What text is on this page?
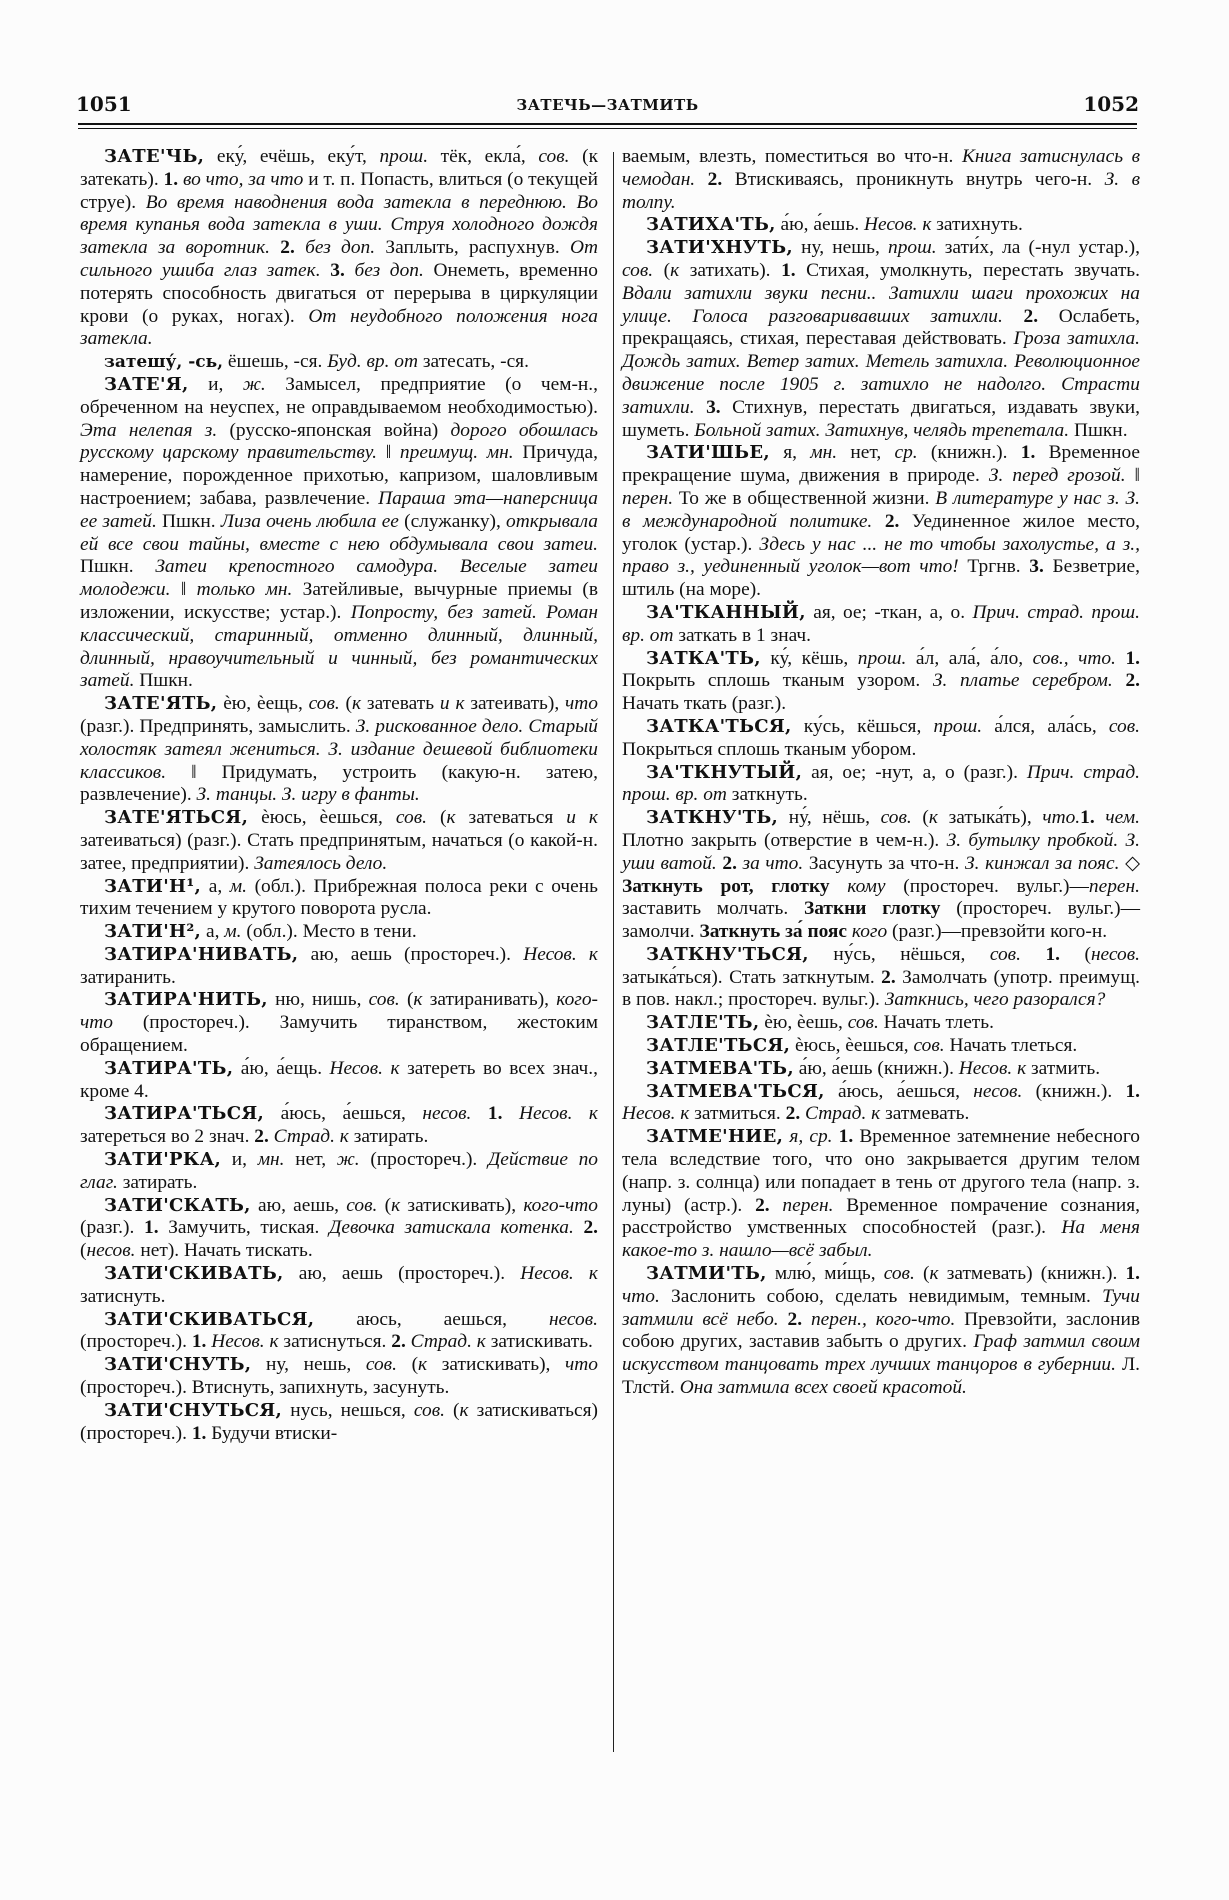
1051	ЗАТЕЧЬ—ЗАТМИТЬ	1052

ЗАТЕ'ЧЬ, еку́, ечёшь, еку́т, прош. тёк, екла́, сов. (к затекать). 1. во что, за что и т. п. Попасть, влиться (о текущей струе). Во время наводнения вода затекла в переднюю. Во время купанья вода затекла в уши. Струя холодного дождя затекла за воротник. 2. без доп. Заплыть, распухнув. От сильного ушиба глаз затек. 3. без доп. Онеметь, временно потерять способность двигаться от перерыва в циркуляции крови (о руках, ногах). От неудобного положения нога затекла.

затешу́, -сь, ёшешь, -ся. Буд. вр. от затесать, -ся.

ЗАТЕ'Я, и, ж. Замысел, предприятие (о чем-н., обреченном на неуспех, не оправдываемом необходимостью). Эта нелепая з. (русско-японская война) дорого обошлась русскому царскому правительству. ‖ преимущ. мн. Причуда, намерение, порожденное прихотью, капризом, шаловливым настроением; забава, развлечение. Параша эта—наперсница ее затей. Пшкн. Лиза очень любила ее (служанку), открывала ей все свои тайны, вместе с нею обдумывала свои затеи. Пшкн. Затеи крепостного самодура. Веселые затеи молодежи. ‖ только мн. Затейливые, вычурные приемы (в изложении, искусстве; устар.). Попросту, без затей. Роман классический, старинный, отменно длинный, длинный, длинный, нравоучительный и чинный, без романтических затей. Пшкн.

ЗАТЕ'ЯТЬ, ѐю, ѐещь, сов. (к затевать и к затеивать), что (разг.). Предпринять, замыслить. З. рискованное дело. Старый холостяк затеял жениться. З. издание дешевой библиотеки классиков. ‖ Придумать, устроить (какую-н. затею, развлечение). З. танцы. З. игру в фанты.

ЗАТЕ'ЯТЬСЯ, ѐюсь, ѐешься, сов. (к затеваться и к затеиваться) (разг.). Стать предпринятым, начаться (о какой-н. затее, предприятии). Затеялось дело.

ЗАТИ'Н¹, а, м. (обл.). Прибрежная полоса реки с очень тихим течением у крутого поворота русла.

ЗАТИ'Н², а, м. (обл.). Место в тени.

ЗАТИРА'НИВАТЬ, аю, аешь (простореч.). Несов. к затиранить.

ЗАТИРА'НИТЬ, ню, нишь, сов. (к затиранивать), кого-что (простореч.). Замучить тиранством, жестоким обращением.

ЗАТИРА'ТЬ, а́ю, а́ещь. Несов. к затереть во всех знач., кроме 4.

ЗАТИРА'ТЬСЯ, а́юсь, а́ешься, несов. 1. Несов. к затереться во 2 знач. 2. Страд. к затирать.

ЗАТИ'РКА, и, мн. нет, ж. (простореч.). Действие по глаг. затирать.

ЗАТИ'СКАТЬ, аю, аешь, сов. (к затискивать), кого-что (разг.). 1. Замучить, тиская. Девочка затискала котенка. 2. (несов. нет). Начать тискать.

ЗАТИ'СКИВАТЬ, аю, аешь (простореч.). Несов. к затиснуть.

ЗАТИ'СКИВАТЬСЯ, аюсь, аешься, несов. (простореч.). 1. Несов. к затиснуться. 2. Страд. к затискивать.

ЗАТИ'СНУТЬ, ну, нешь, сов. (к затискивать), что (простореч.). Втиснуть, запихнуть, засунуть.

ЗАТИ'СНУТЬСЯ, нусь, нешься, сов. (к затискиваться) (простореч.). 1. Будучи втиски-

ваемым, влезть, поместиться во что-н. Книга затиснулась в чемодан. 2. Втискиваясь, проникнуть внутрь чего-н. З. в толпу.

ЗАТИХА'ТЬ, а́ю, а́ешь. Несов. к затихнуть.

ЗАТИ'ХНУТЬ, ну, нешь, прош. зати́х, ла (-нул устар.), сов. (к затихать). 1. Стихая, умолкнуть, перестать звучать. Вдали затихли звуки песни.. Затихли шаги прохожих на улице. Голоса разговаривавших затихли. 2. Ослабеть, прекращаясь, стихая, переставая действовать. Гроза затихла. Дождь затих. Ветер затих. Метель затихла. Революционное движение после 1905 г. затихло не надолго. Страсти затихли. 3. Стихнув, перестать двигаться, издавать звуки, шуметь. Больной затих. Затихнув, челядь трепетала. Пшкн.

ЗАТИ'ШЬЕ, я, мн. нет, ср. (книжн.). 1. Временное прекращение шума, движения в природе. З. перед грозой. ‖ перен. То же в общественной жизни. В литературе у нас з. З. в международной политике. 2. Уединенное жилое место, уголок (устар.). Здесь у нас ... не то чтобы захолустье, а з., право з., уединенный уголок—вот что! Тргнв. 3. Безветрие, штиль (на море).

ЗА'ТКАННЫЙ, ая, ое; -ткан, а, о. Прич. страд. прош. вр. от заткать в 1 знач.

ЗАТКА'ТЬ, ку́, кёшь, прош. а́л, ала́, а́ло, сов., что. 1. Покрыть сплошь тканым узором. З. платье серебром. 2. Начать ткать (разг.).

ЗАТКА'ТЬСЯ, ку́сь, кёшься, прош. а́лся, ала́сь, сов. Покрыться сплошь тканым убором.

ЗА'ТКНУТЫЙ, ая, ое; -нут, а, о (разг.). Прич. страд. прош. вр. от заткнуть.

ЗАТКНУ'ТЬ, ну́, нёшь, сов. (к затыка́ть), что.1. чем. Плотно закрыть (отверстие в чем-н.). З. бутылку пробкой. З. уши ватой. 2. за что. Засунуть за что-н. З. кинжал за пояс. ◇ Заткнуть рот, глотку кому (простореч. вульг.)—перен. заставить молчать. Заткни глотку (простореч. вульг.)—замолчи. Заткнуть за́ пояс кого (разг.)—превзойти кого-н.

ЗАТКНУ'ТЬСЯ, ну́сь, нёшься, сов. 1. (несов. затыка́ться). Стать заткнутым. 2. Замолчать (употр. преимущ. в пов. накл.; простореч. вульг.). Заткнись, чего разорался?

ЗАТЛЕ'ТЬ, ѐю, ѐешь, сов. Начать тлеть.

ЗАТЛЕ'ТЬСЯ, ѐюсь, ѐешься, сов. Начать тлеться.

ЗАТМЕВА'ТЬ, а́ю, а́ешь (книжн.). Несов. к затмить.

ЗАТМЕВА'ТЬСЯ, а́юсь, а́ешься, несов. (книжн.). 1. Несов. к затмиться. 2. Страд. к затмевать.

ЗАТМЕ'НИЕ, я, ср. 1. Временное затемнение небесного тела вследствие того, что оно закрывается другим телом (напр. з. солнца) или попадает в тень от другого тела (напр. з. луны) (астр.). 2. перен. Временное помрачение сознания, расстройство умственных способностей (разг.). На меня какое-то з. нашло—всё забыл.

ЗАТМИ'ТЬ, млю́, ми́щь, сов. (к затмевать) (книжн.). 1. что. Заслонить собою, сделать невидимым, темным. Тучи затмили всё небо. 2. перен., кого-что. Превзойти, заслонив собою других, заставив забыть о других. Граф затмил своим искусством танцовать трех лучших танцоров в губернии. Л. Тлстй. Она затмила всех своей красотой.
